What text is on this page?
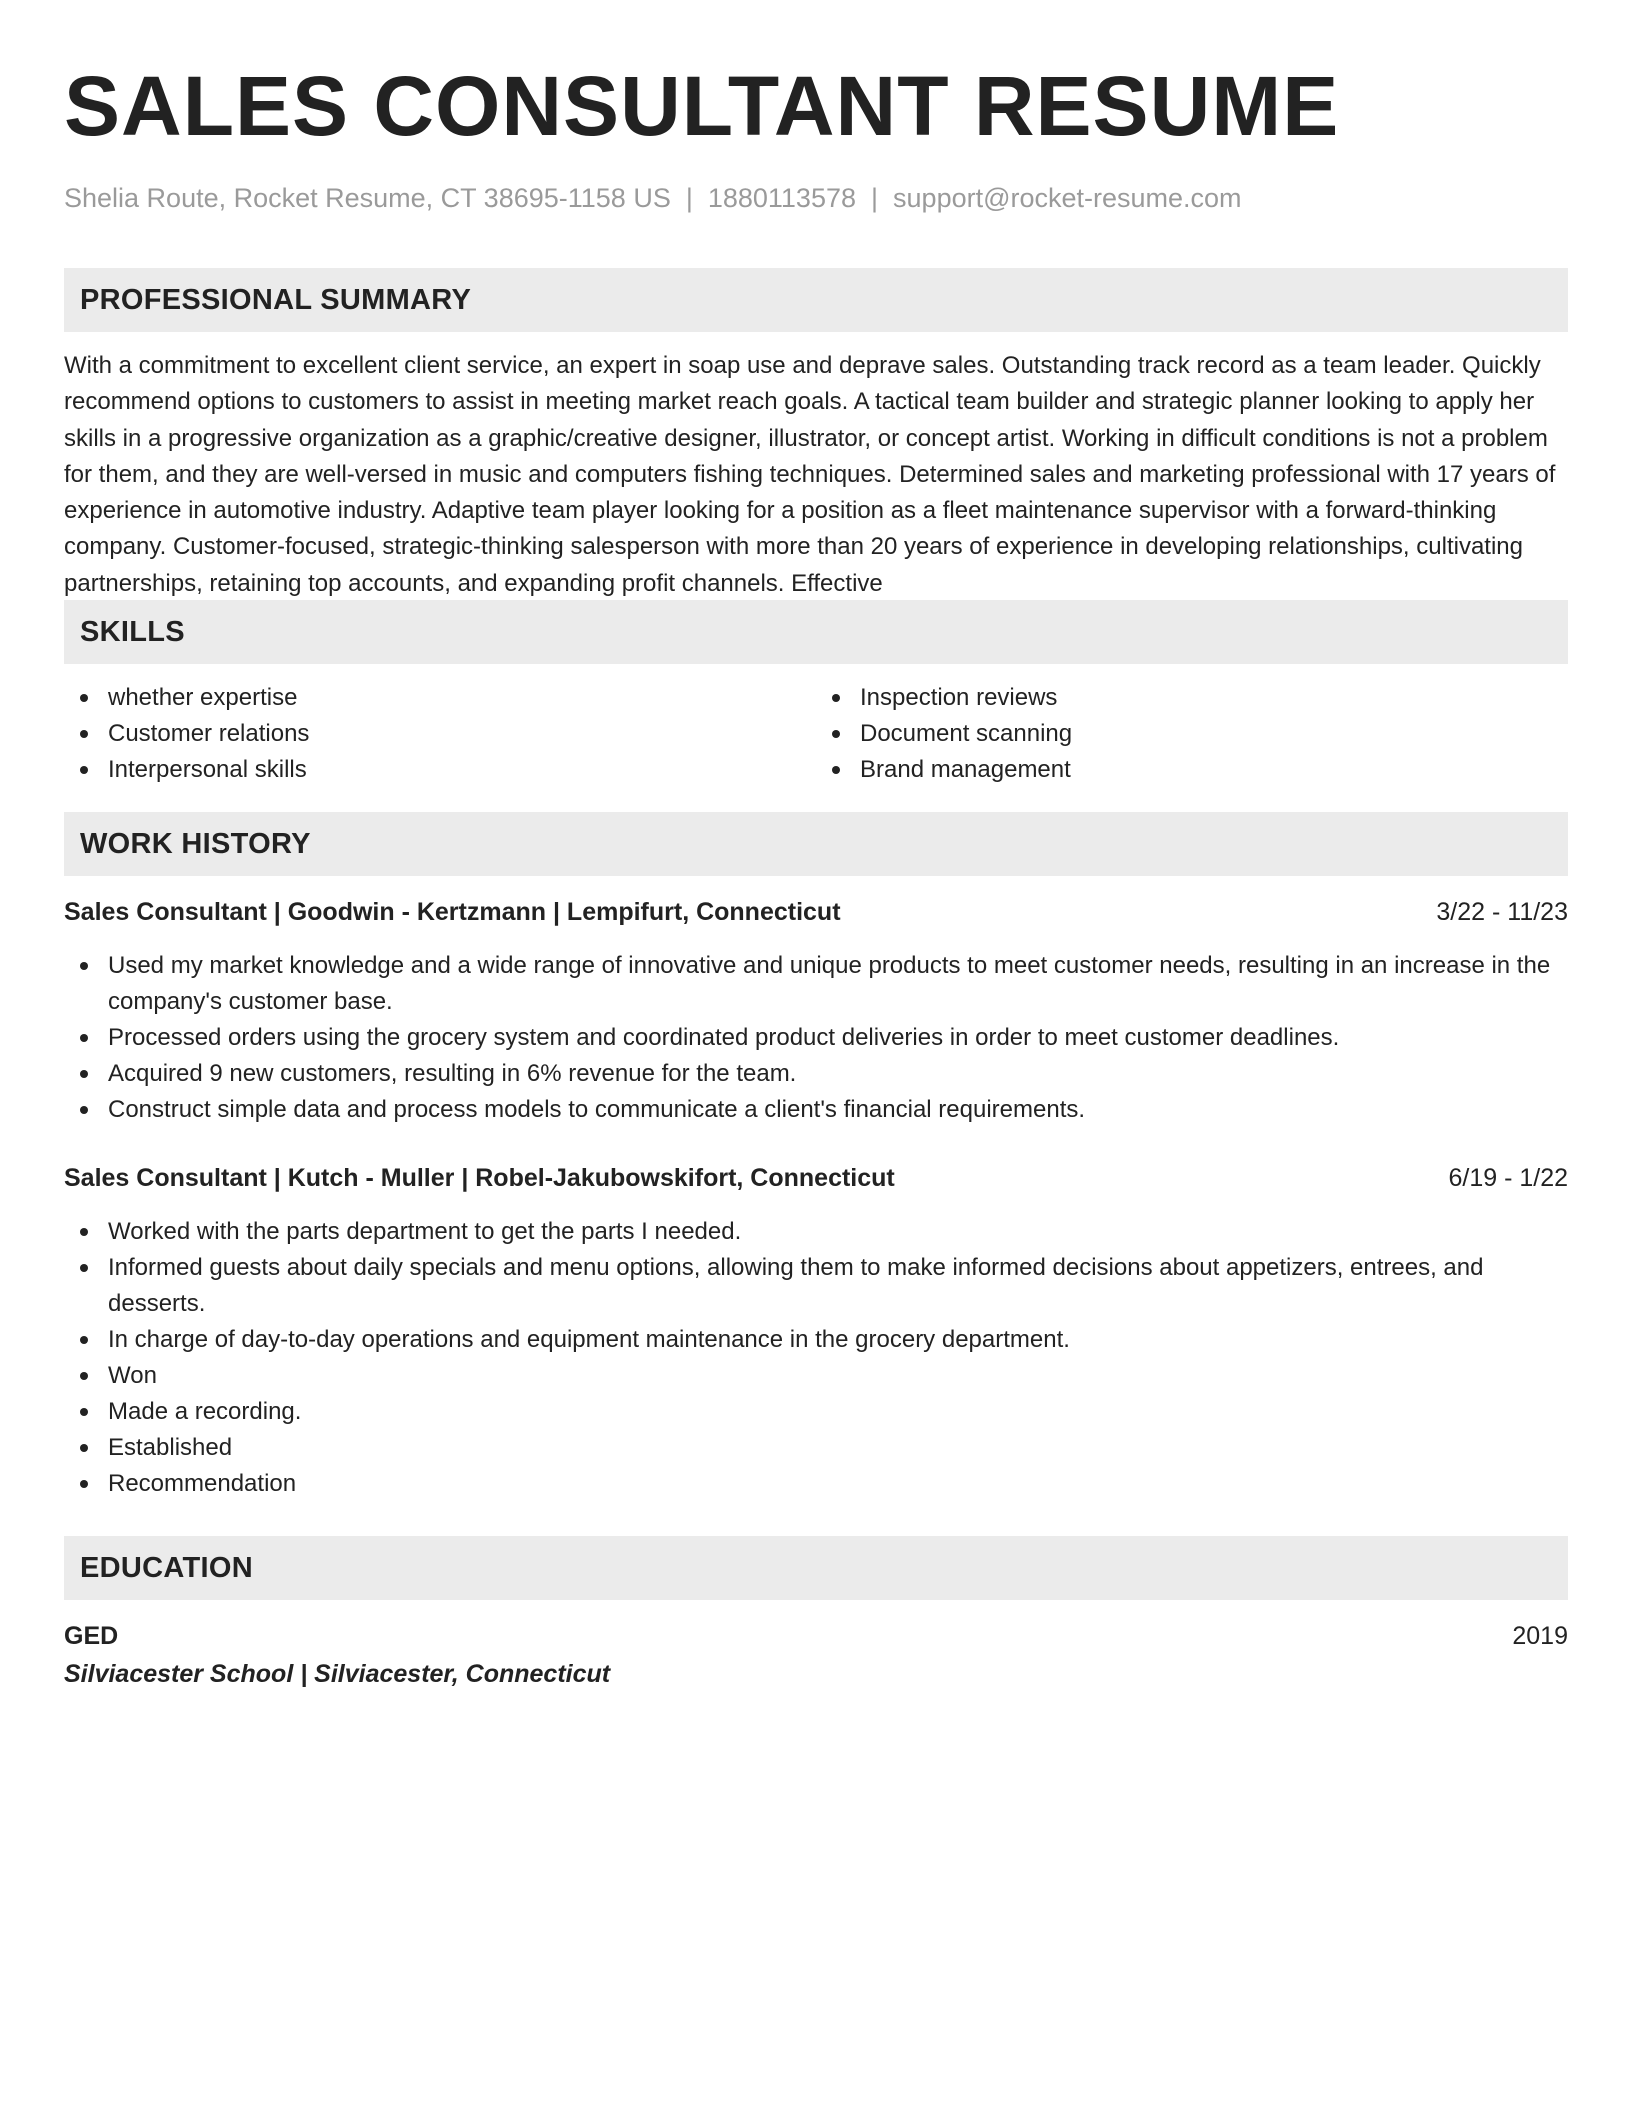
SALES CONSULTANT RESUME
Shelia Route, Rocket Resume, CT 38695-1158 US | 1880113578 | support@rocket-resume.com
PROFESSIONAL SUMMARY
With a commitment to excellent client service, an expert in soap use and deprave sales. Outstanding track record as a team leader. Quickly recommend options to customers to assist in meeting market reach goals. A tactical team builder and strategic planner looking to apply her skills in a progressive organization as a graphic/creative designer, illustrator, or concept artist. Working in difficult conditions is not a problem for them, and they are well-versed in music and computers fishing techniques. Determined sales and marketing professional with 17 years of experience in automotive industry. Adaptive team player looking for a position as a fleet maintenance supervisor with a forward-thinking company. Customer-focused, strategic-thinking salesperson with more than 20 years of experience in developing relationships, cultivating partnerships, retaining top accounts, and expanding profit channels. Effective
SKILLS
whether expertise
Customer relations
Interpersonal skills
Inspection reviews
Document scanning
Brand management
WORK HISTORY
Sales Consultant | Goodwin - Kertzmann | Lempifurt, Connecticut	3/22 - 11/23
Used my market knowledge and a wide range of innovative and unique products to meet customer needs, resulting in an increase in the company's customer base.
Processed orders using the grocery system and coordinated product deliveries in order to meet customer deadlines.
Acquired 9 new customers, resulting in 6% revenue for the team.
Construct simple data and process models to communicate a client's financial requirements.
Sales Consultant | Kutch - Muller | Robel-Jakubowskifort, Connecticut	6/19 - 1/22
Worked with the parts department to get the parts I needed.
Informed guests about daily specials and menu options, allowing them to make informed decisions about appetizers, entrees, and desserts.
In charge of day-to-day operations and equipment maintenance in the grocery department.
Won
Made a recording.
Established
Recommendation
EDUCATION
GED	2019
Silviacester School | Silviacester, Connecticut
